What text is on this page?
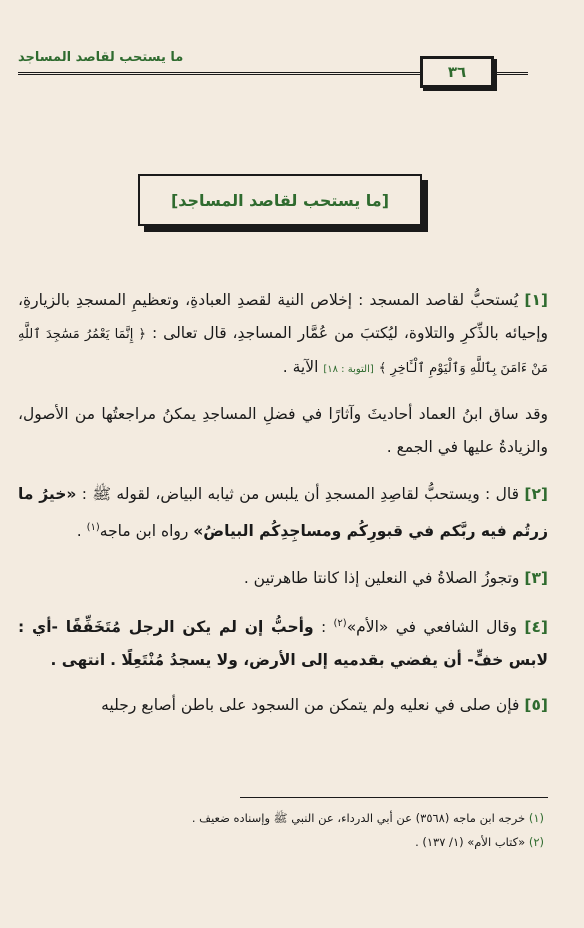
ما يستحب لقاصد المساجد
٣٦
[ما يستحب لقاصد المساجد]

[١] يُستحبُّ لقاصد المسجد : إخلاص النية لقصدِ العبادةِ، وتعظيمِ المسجدِ بالزيارةِ، وإحيائه بالذِّكرِ والتلاوة، ليُكتبَ من عُمَّار المساجدِ، قال تعالى : ﴿ إِنَّمَا يَعْمُرُ مَسَٰجِدَ ٱللَّهِ مَنْ ءَامَنَ بِٱللَّهِ وَٱلْيَوْمِ ٱلْـَٔاخِرِ ﴾ [التوبة : ١٨] الآية .

وقد ساق ابنُ العماد أحاديثَ وآثارًا في فضلِ المساجدِ يمكنُ مراجعتُها من الأصول، والزيادةُ عليها في الجمع .

[٢] قال : ويستحبُّ لقاصِدِ المسجدِ أن يلبس من ثيابه البياض، لقوله ﷺ : «خيرُ ما زرتُم فيه ربَّكم في قبورِكُم ومساجِدِكُم البياضُ» رواه ابن ماجه$^{(١)}$ .

[٣] وتجوزُ الصلاةُ في النعلين إذا كانتا طاهرتين .

[٤] وقال الشافعي في «الأم»$^{(٢)}$ : وأحبُّ إن لم يكن الرجل مُتَخَفِّفًا -أي : لابس خفٍّ- أن يفضي بقدميه إلى الأرض، ولا يسجدُ مُنْتَعِلًا . انتهى .

[٥] فإن صلى في نعليه ولم يتمكن من السجود على باطن أصابع رجليه

(١) خرجه ابن ماجه (٣٥٦٨) عن أبي الدرداء، عن النبي ﷺ وإسناده ضعيف .

(٢) «كتاب الأم» (١/ ١٣٧) .
